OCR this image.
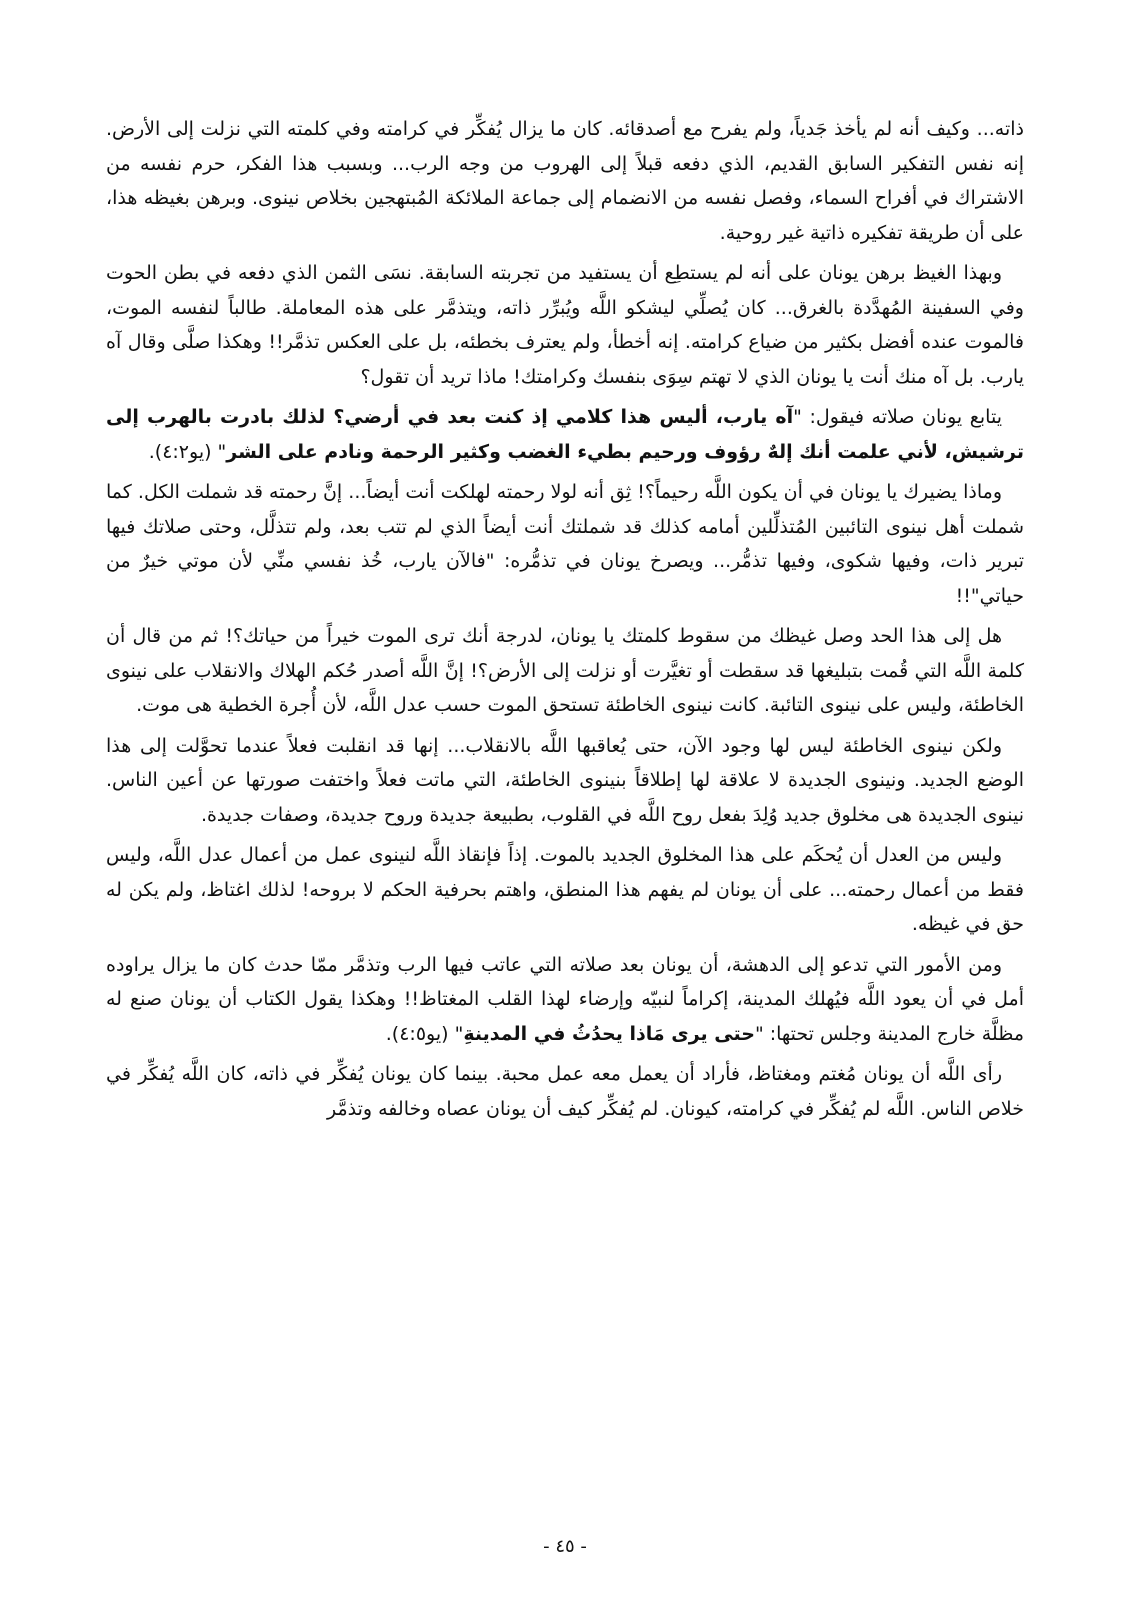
ذاته... وكيف أنه لم يأخذ جَدياً، ولم يفرح مع أصدقائه. كان ما يزال يُفكِّر في كرامته وفي كلمته التي نزلت إلى الأرض. إنه نفس التفكير السابق القديم، الذي دفعه قبلاً إلى الهروب من وجه الرب... وبسبب هذا الفكر، حرم نفسه من الاشتراك في أفراح السماء، وفصل نفسه من الانضمام إلى جماعة الملائكة المُبتهجين بخلاص نينوى. وبرهن بغيظه هذا، على أن طريقة تفكيره ذاتية غير روحية.

وبهذا الغيظ برهن يونان على أنه لم يستطِع أن يستفيد من تجربته السابقة. نسَى الثمن الذي دفعه في بطن الحوت وفي السفينة المُهدَّدة بالغرق... كان يُصلِّي ليشكو اللَّه ويُبرِّر ذاته، ويتذمَّر على هذه المعاملة. طالباً لنفسه الموت، فالموت عنده أفضل بكثير من ضياع كرامته. إنه أخطأ، ولم يعترف بخطئه، بل على العكس تذمَّر!! وهكذا صلَّى وقال آه يارب. بل آه منك أنت يا يونان الذي لا تهتم سِوَى بنفسك وكرامتك! ماذا تريد أن تقول؟

يتابع يونان صلاته فيقول: "آه يارب، أليس هذا كلامي إذ كنت بعد في أرضي؟ لذلك بادرت بالهرب إلى ترشيش، لأني علمت أنك إلهٌ رؤوف ورحيم بطيء الغضب وكثير الرحمة ونادم على الشر" (يو٤:٢).

وماذا يضيرك يا يونان في أن يكون اللَّه رحيماً؟! ثِق أنه لولا رحمته لهلكت أنت أيضاً... إنَّ رحمته قد شملت الكل. كما شملت أهل نينوى التائبين المُتذلِّلين أمامه كذلك قد شملتك أنت أيضاً الذي لم تتب بعد، ولم تتذلَّل، وحتى صلاتك فيها تبرير ذات، وفيها شكوى، وفيها تذمُّر... ويصرخ يونان في تذمُّره: "فالآن يارب، خُذ نفسي منِّي لأن موتي خيرٌ من حياتي"!!

هل إلى هذا الحد وصل غيظك من سقوط كلمتك يا يونان، لدرجة أنك ترى الموت خيراً من حياتك؟! ثم من قال أن كلمة اللَّه التي قُمت بتبليغها قد سقطت أو تغيَّرت أو نزلت إلى الأرض؟! إنَّ اللَّه أصدر حُكم الهلاك والانقلاب على نينوى الخاطئة، وليس على نينوى التائبة. كانت نينوى الخاطئة تستحق الموت حسب عدل اللَّه، لأن أُجرة الخطية هى موت.

ولكن نينوى الخاطئة ليس لها وجود الآن، حتى يُعاقبها اللَّه بالانقلاب... إنها قد انقلبت فعلاً عندما تحوَّلت إلى هذا الوضع الجديد. ونينوى الجديدة لا علاقة لها إطلاقاً بنينوى الخاطئة، التي ماتت فعلاً واختفت صورتها عن أعين الناس. نينوى الجديدة هى مخلوق جديد وُلِدَ بفعل روح اللَّه في القلوب، بطبيعة جديدة وروح جديدة، وصفات جديدة.

وليس من العدل أن يُحكَم على هذا المخلوق الجديد بالموت. إذاً فإنقاذ اللَّه لنينوى عمل من أعمال عدل اللَّه، وليس فقط من أعمال رحمته... على أن يونان لم يفهم هذا المنطق، واهتم بحرفية الحكم لا بروحه! لذلك اغتاظ، ولم يكن له حق في غيظه.

ومن الأمور التي تدعو إلى الدهشة، أن يونان بعد صلاته التي عاتب فيها الرب وتذمَّر ممّا حدث كان ما يزال يراوده أمل في أن يعود اللَّه فيُهلك المدينة، إكراماً لنبيّه وإرضاء لهذا القلب المغتاظ!! وهكذا يقول الكتاب أن يونان صنع له مظلَّة خارج المدينة وجلس تحتها: "حتى يرى مَاذا يحدُثُ في المدينةِ" (يو٤:٥).

رأى اللَّه أن يونان مُغتم ومغتاظ، فأراد أن يعمل معه عمل محبة. بينما كان يونان يُفكِّر في ذاته، كان اللَّه يُفكِّر في خلاص الناس. اللَّه لم يُفكِّر في كرامته، كيونان. لم يُفكِّر كيف أن يونان عصاه وخالفه وتذمَّر

- ٤٥ -
